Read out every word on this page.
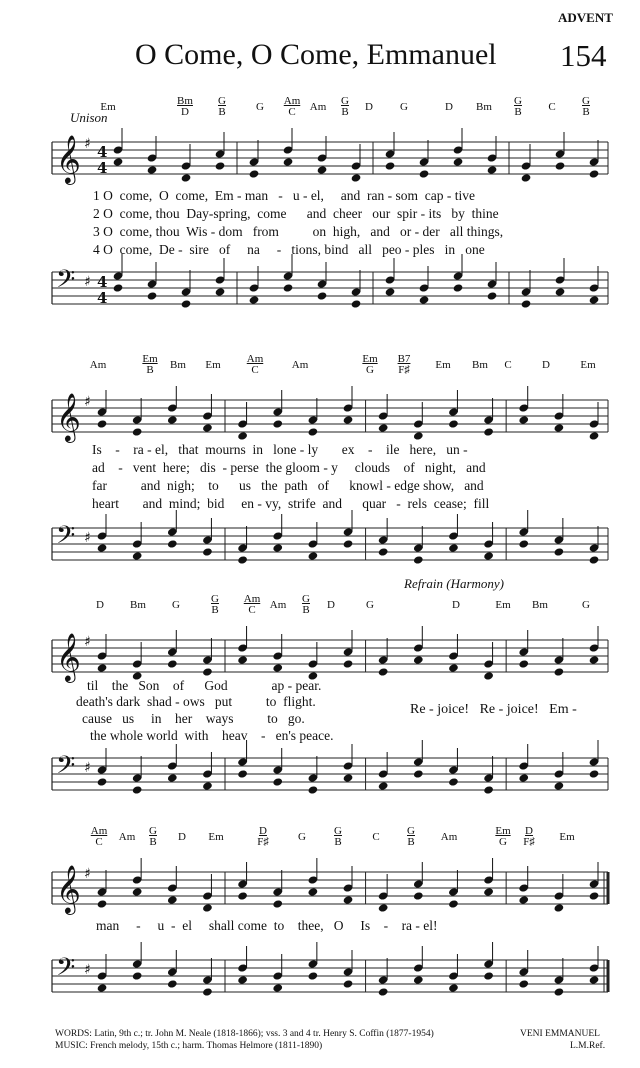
ADVENT
O Come, O Come, Emmanuel 154
Unison
Em	$\frac{Bm}{D} \frac{G}{B}$	G	$\frac{Am}{C}$ Am	$\frac{G}{B}$	D	G	D	Bm	$\frac{G}{B}$	C	$\frac{G}{B}$
𝄞 ♯ 4
4
1 O  come,  O  come,  Em - man   -   u - el,     and  ran - som  cap - tive
2 O  come, thou  Day-spring,  come      and  cheer   our  spir - its   by  thine
3 O  come, thou  Wis - dom   from          on  high,   and   or - der   all things,
4 O  come,  De -  sire   of     na     -   tions, bind   all   peo - ples   in   one
𝄢 ♯ 4
4
Am	$\frac{Em}{B}$	Bm	Em	$\frac{Am}{C}$	Am	$\frac{Em}{G} \frac{B7}{F♯}$	Em	Bm	C	D	Em
𝄞 ♯
Is    -    ra - el,   that  mourns  in   lone - ly       ex    -    ile   here,   un -
ad    -   vent  here;   dis  - perse  the gloom - y     clouds    of   night,   and
far          and  nigh;    to      us   the  path   of      knowl - edge show,   and
heart       and  mind;  bid     en - vy,  strife  and      quar   -  rels  cease;  fill
𝄢 ♯
Refrain (Harmony)
D	Bm	G	$\frac{G}{B} \frac{Am}{C}$ Am	$\frac{G}{B}$	D	G	D	Em	Bm	G
𝄞 ♯
til    the   Son    of      God             ap - pear.
death's dark  shad - ows   put          to  flight.
cause   us     in    her    ways          to   go.
the whole world  with    heav    -   en's peace.
Re - joice!   Re - joice!   Em -
𝄢 ♯
$\frac{Am}{C}$	Am	$\frac{G}{B}$	D	Em	$\frac{D}{F♯}$	G	$\frac{G}{B}$	C	$\frac{G}{B}$	Am	$\frac{Em}{G} \frac{D}{F♯}$	Em
𝄞 ♯
man     -     u  -  el     shall come  to    thee,   O     Is    -    ra - el!
𝄢 ♯
WORDS: Latin, 9th c.; tr. John M. Neale (1818-1866); vss. 3 and 4 tr. Henry S. Coffin (1877-1954)
MUSIC: French melody, 15th c.; harm. Thomas Helmore (1811-1890)
VENI EMMANUEL
L.M.Ref.
